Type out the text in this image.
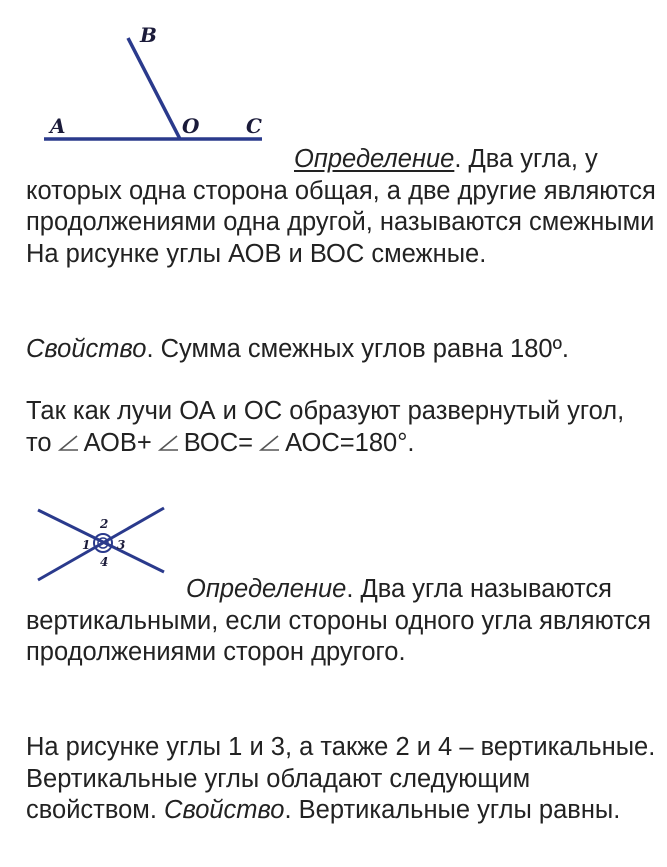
A
B
O C

Определение. Два угла, у которых одна сторона общая, а две другие являются продолжениями одна другой, называются смежными На рисунке углы АОВ и ВОС смежные.

Свойство. Сумма смежных углов равна 180º.

Так как лучи ОА и ОС образуют развернутый угол, то АОВ+ ВОС= АОС=180°.

1
2
3
4

Определение. Два угла называются вертикальными, если стороны одного угла являются продолжениями сторон другого.

На рисунке углы 1 и 3, а также 2 и 4 – вертикальные. Вертикальные углы обладают следующим свойством. Свойство. Вертикальные углы равны.
